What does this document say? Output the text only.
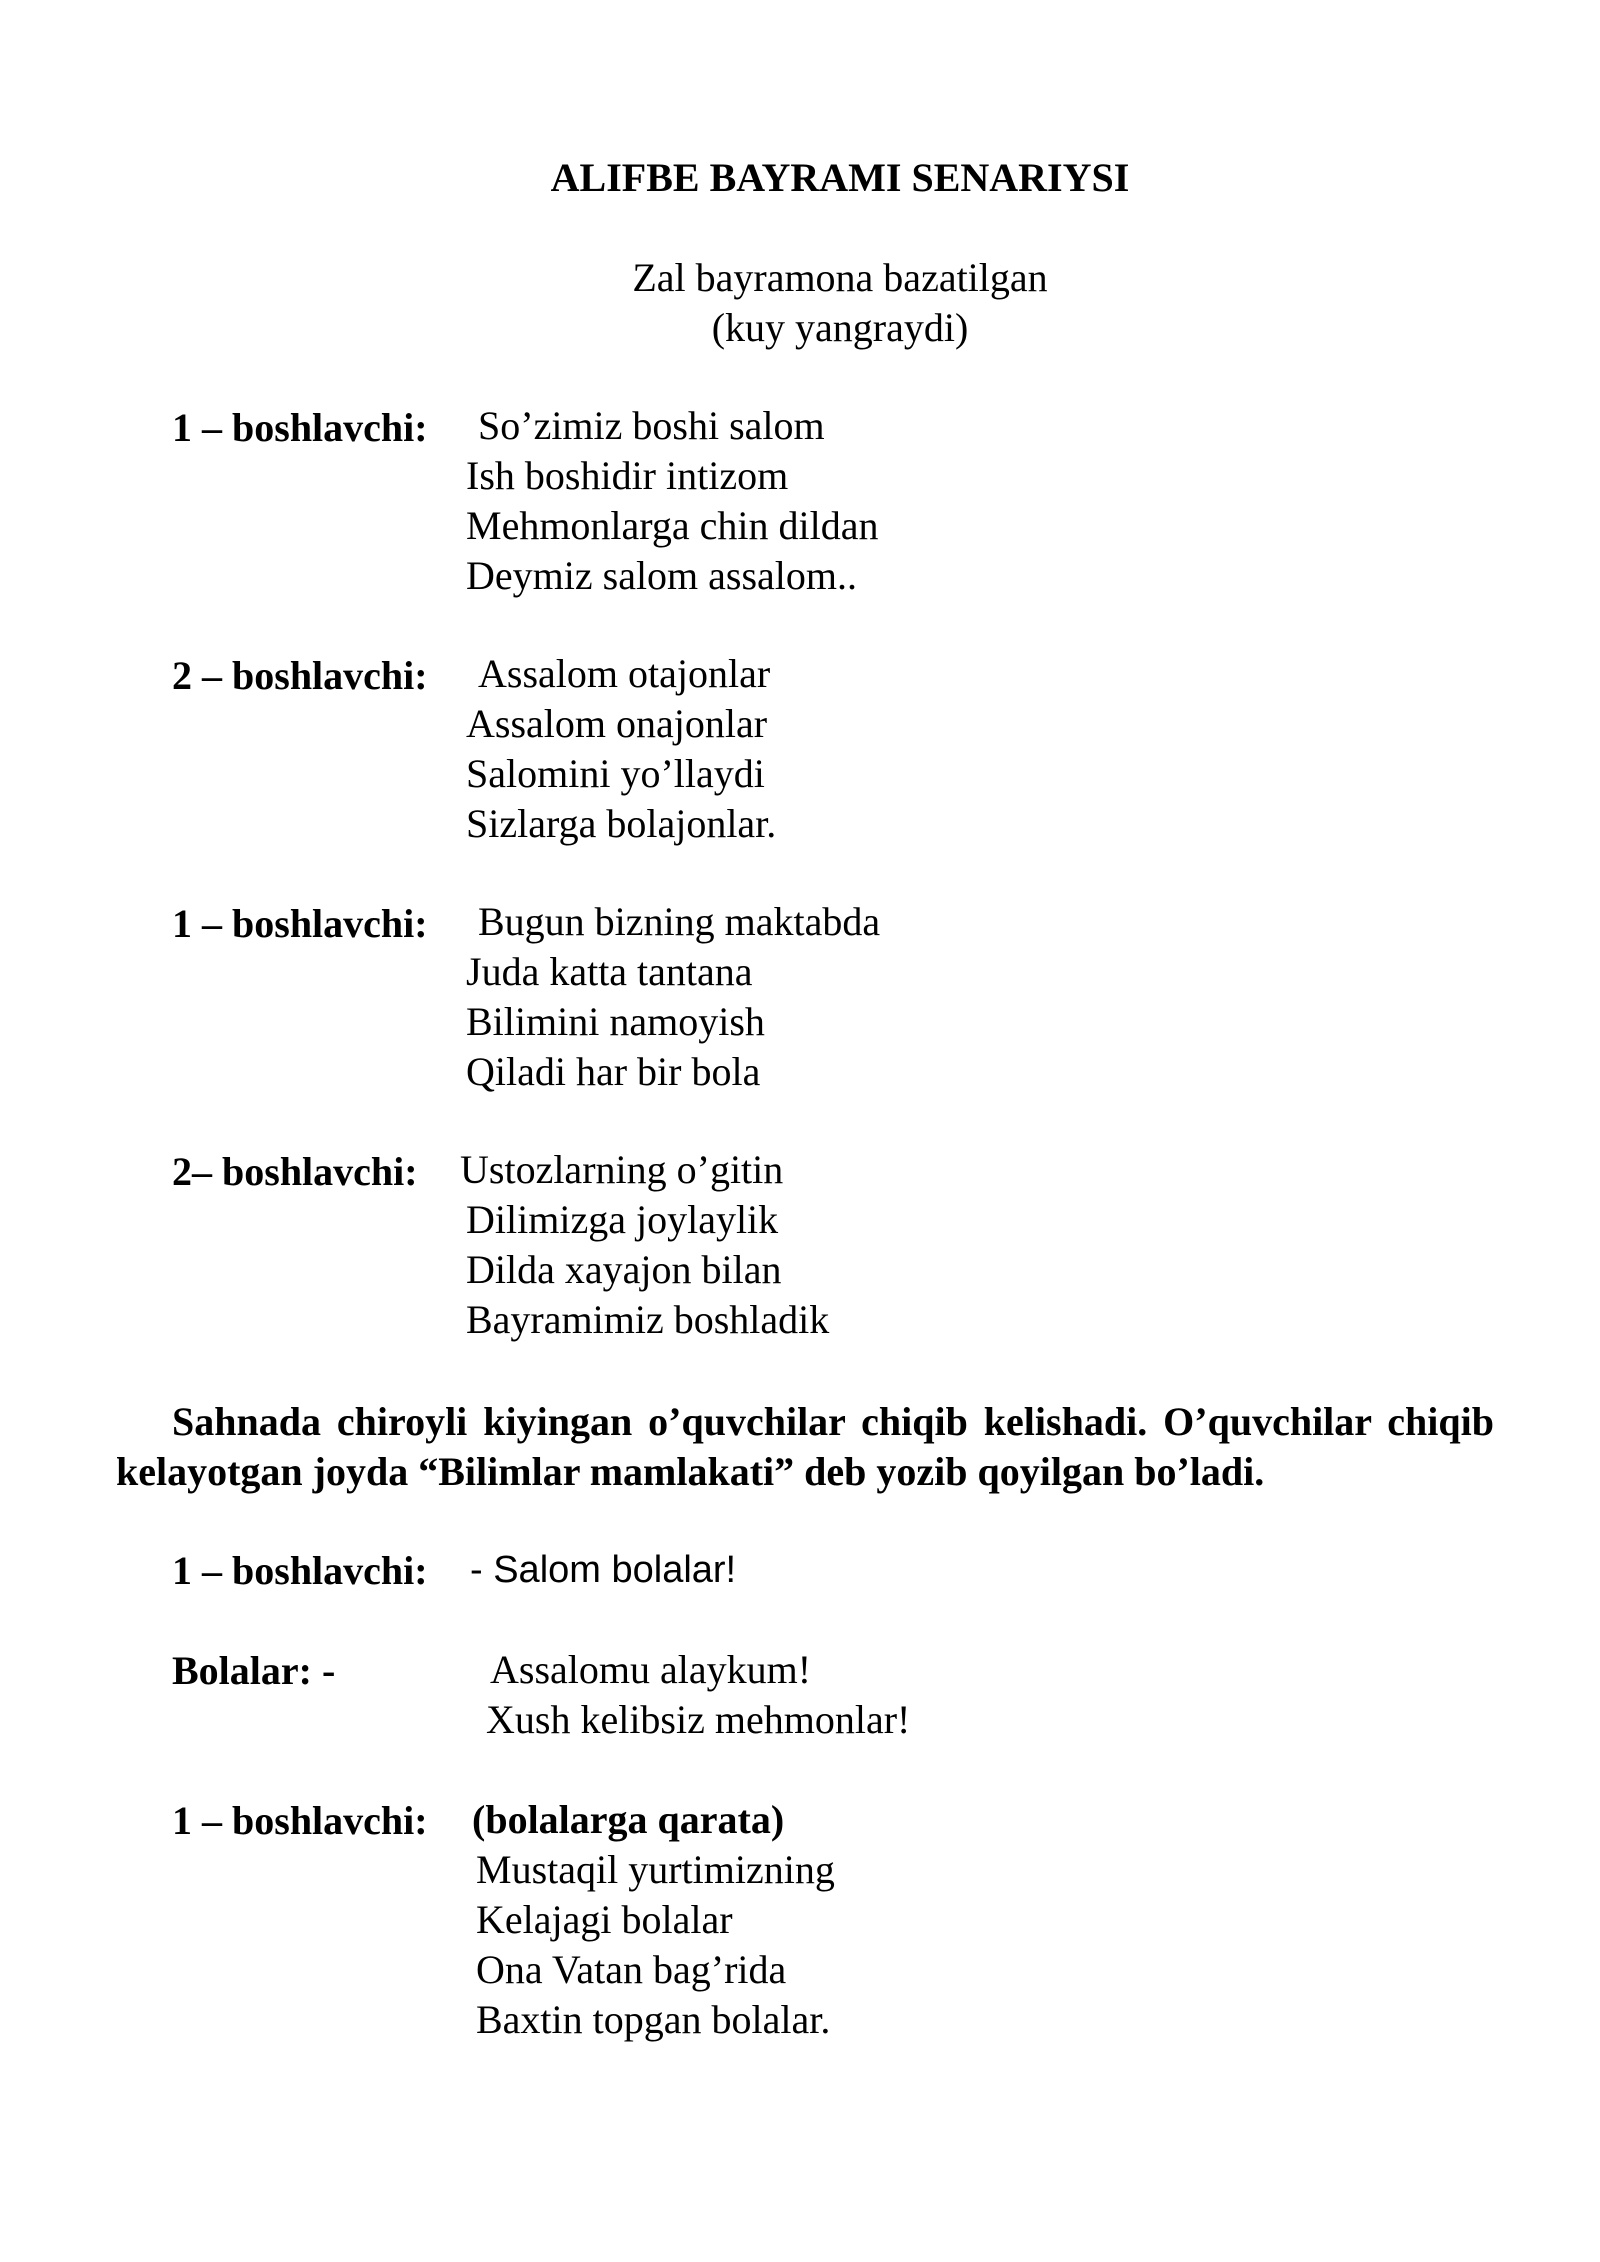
ALIFBE BAYRAMI SENARIYSI
Zal bayramona bazatilgan
(kuy yangraydi)
1 – boshlavchi: So’zimiz boshi salom
Ish boshidir intizom
Mehmonlarga chin dildan
Deymiz salom assalom..
2 – boshlavchi: Assalom otajonlar
Assalom onajonlar
Salomini yo’llaydi
Sizlarga bolajonlar.
1 – boshlavchi: Bugun bizning maktabda
Juda katta tantana
Bilimini namoyish
Qiladi har bir bola
2– boshlavchi: Ustozlarning o’gitin
Dilimizga joylaylik
Dilda xayajon bilan
Bayramimiz boshladik
Sahnada chiroyli kiyingan o’quvchilar chiqib kelishadi. O’quvchilar chiqib kelayotgan joyda “Bilimlar mamlakati” deb yozib qoyilgan bo’ladi.
1 – boshlavchi: - Salom bolalar!
Bolalar: -	Assalomu alaykum!
Xush kelibsiz mehmonlar!
1 – boshlavchi: (bolalarga qarata)
Mustaqil yurtimizning
Kelajagi bolalar
Ona Vatan bag’rida
Baxtin topgan bolalar.
